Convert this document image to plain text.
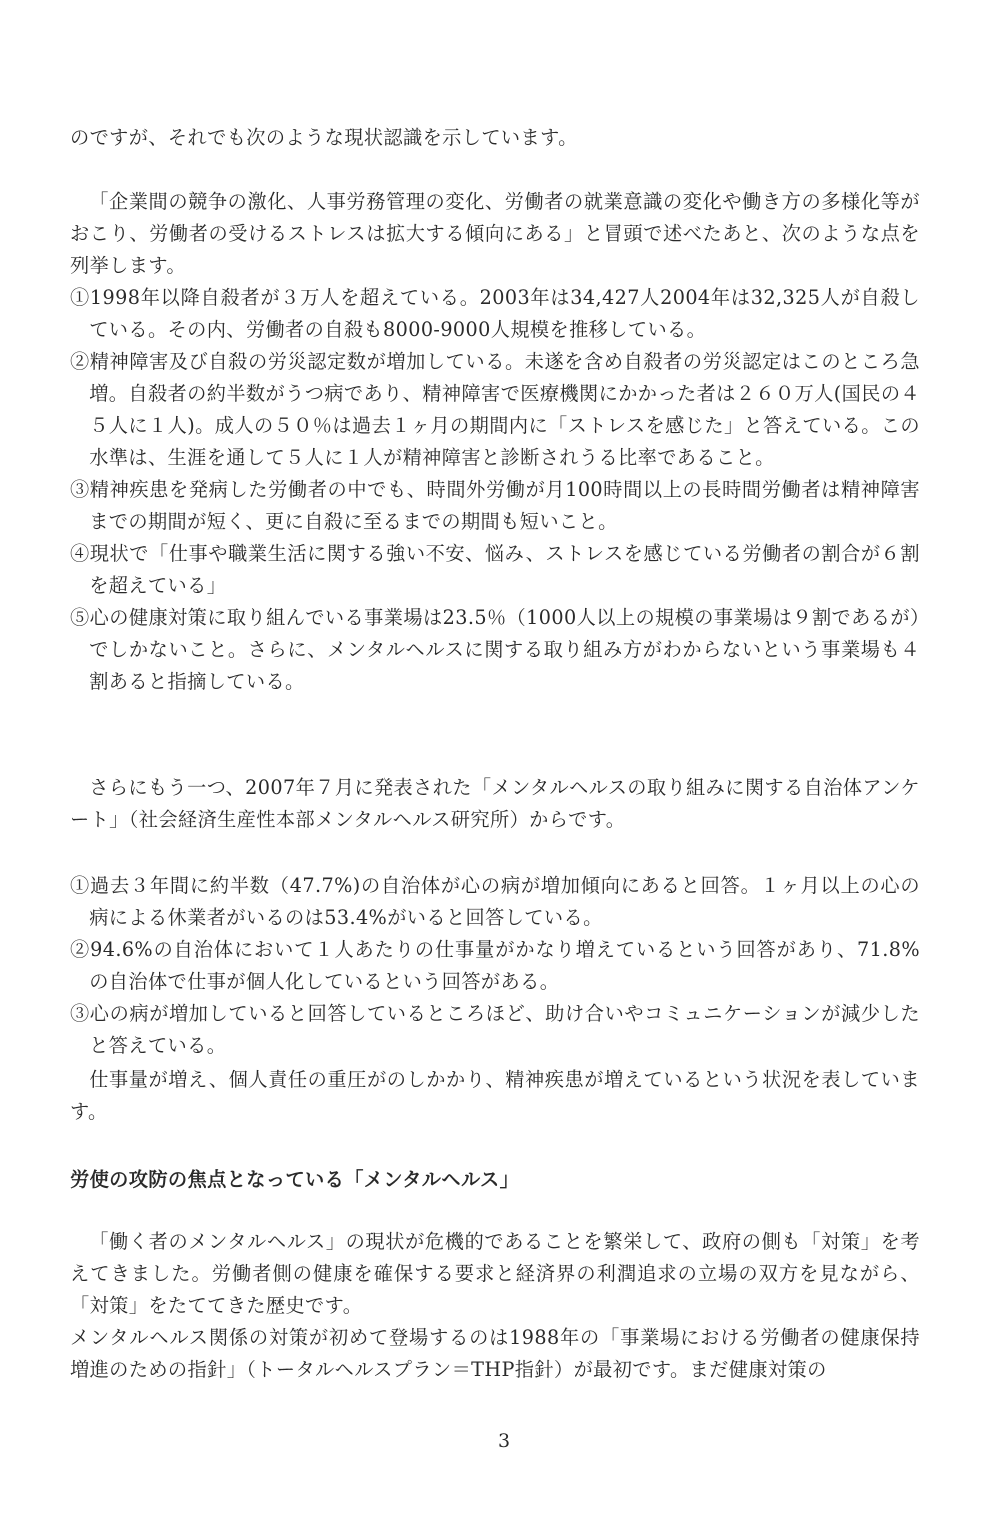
のですが、それでも次のような現状認識を示しています。
「企業間の競争の激化、人事労務管理の変化、労働者の就業意識の変化や働き方の多様化等がおこり、労働者の受けるストレスは拡大する傾向にある」と冒頭で述べたあと、次のような点を列挙します。
①1998年以降自殺者が３万人を超えている。2003年は34,427人2004年は32,325人が自殺している。その内、労働者の自殺も8000-9000人規模を推移している。
②精神障害及び自殺の労災認定数が増加している。未遂を含め自殺者の労災認定はこのところ急増。自殺者の約半数がうつ病であり、精神障害で医療機関にかかった者は２６０万人(国民の４５人に１人)。成人の５０％は過去１ヶ月の期間内に「ストレスを感じた」と答えている。この水準は、生涯を通して５人に１人が精神障害と診断されうる比率であること。
③精神疾患を発病した労働者の中でも、時間外労働が月100時間以上の長時間労働者は精神障害までの期間が短く、更に自殺に至るまでの期間も短いこと。
④現状で「仕事や職業生活に関する強い不安、悩み、ストレスを感じている労働者の割合が６割を超えている」
⑤心の健康対策に取り組んでいる事業場は23.5％（1000人以上の規模の事業場は９割であるが）でしかないこと。さらに、メンタルヘルスに関する取り組み方がわからないという事業場も４割あると指摘している。
さらにもう一つ、2007年７月に発表された「メンタルヘルスの取り組みに関する自治体アンケート」（社会経済生産性本部メンタルヘルス研究所）からです。
①過去３年間に約半数（47.7%)の自治体が心の病が増加傾向にあると回答。１ヶ月以上の心の病による休業者がいるのは53.4%がいると回答している。
②94.6%の自治体において１人あたりの仕事量がかなり増えているという回答があり、71.8%の自治体で仕事が個人化しているという回答がある。
③心の病が増加していると回答しているところほど、助け合いやコミュニケーションが減少したと答えている。
仕事量が増え、個人責任の重圧がのしかかり、精神疾患が増えているという状況を表しています。
労使の攻防の焦点となっている「メンタルヘルス」
「働く者のメンタルヘルス」の現状が危機的であることを繁栄して、政府の側も「対策」を考えてきました。労働者側の健康を確保する要求と経済界の利潤追求の立場の双方を見ながら、「対策」をたててきた歴史です。
メンタルヘルス関係の対策が初めて登場するのは1988年の「事業場における労働者の健康保持増進のための指針」（トータルヘルスプラン＝THP指針）が最初です。まだ健康対策の
3
